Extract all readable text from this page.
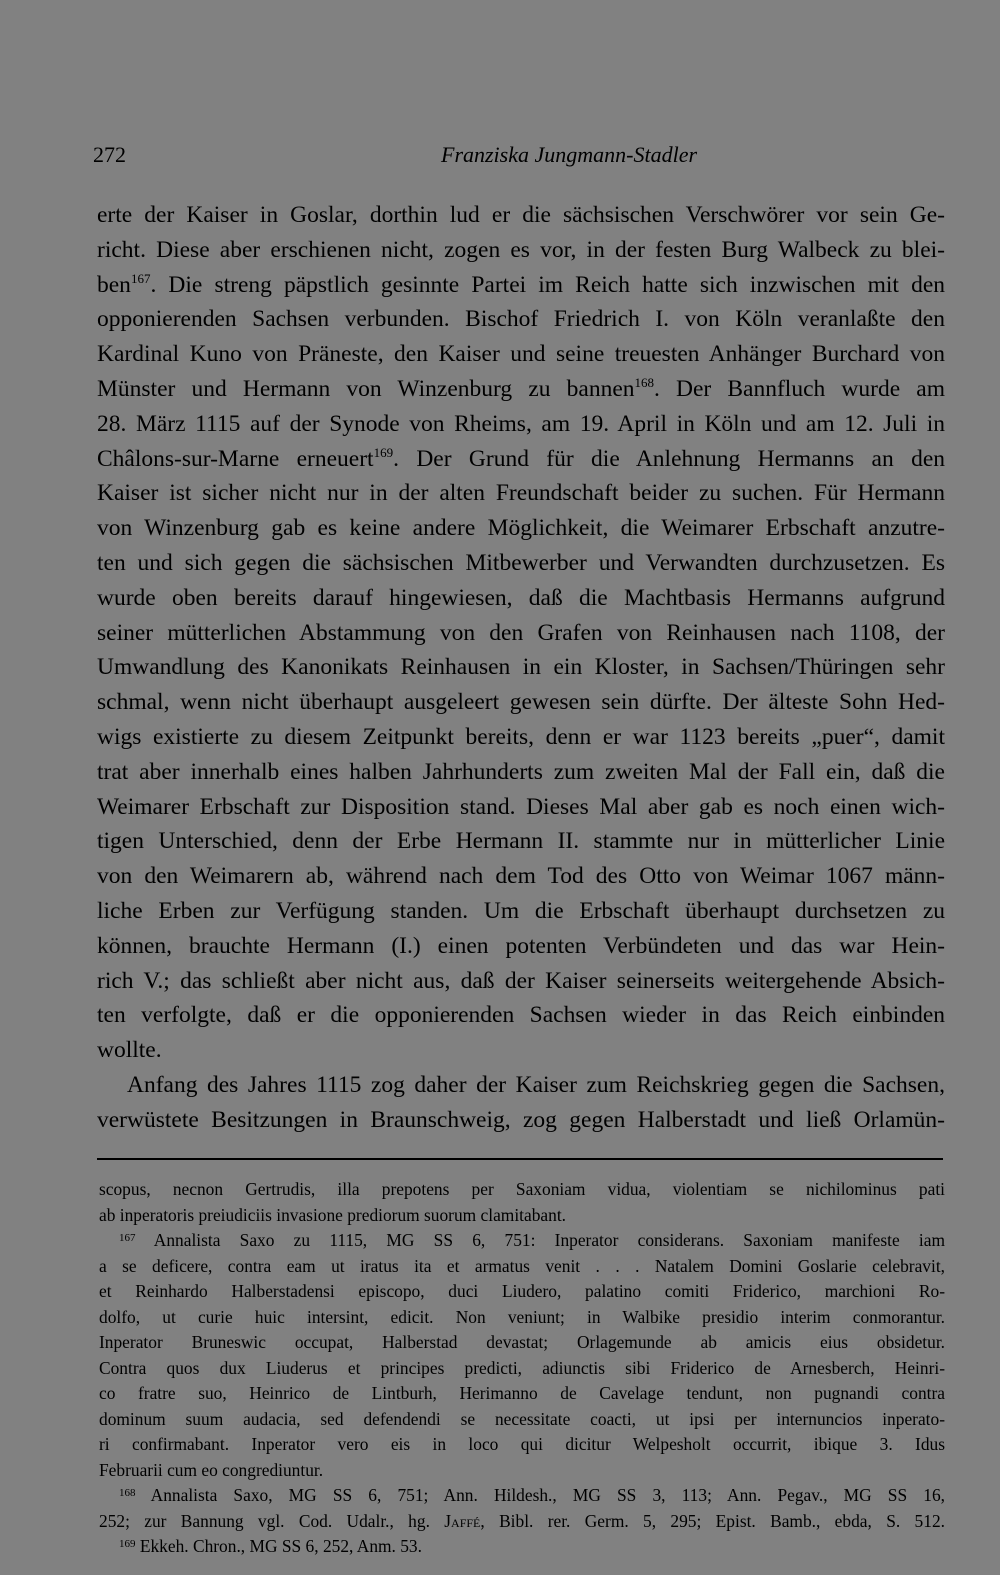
272	Franziska Jungmann-Stadler
erte der Kaiser in Goslar, dorthin lud er die sächsischen Verschwörer vor sein Ge-
richt. Diese aber erschienen nicht, zogen es vor, in der festen Burg Walbeck zu blei-
ben$^{167}$. Die streng päpstlich gesinnte Partei im Reich hatte sich inzwischen mit den
opponierenden Sachsen verbunden. Bischof Friedrich I. von Köln veranlaßte den
Kardinal Kuno von Präneste, den Kaiser und seine treuesten Anhänger Burchard von
Münster und Hermann von Winzenburg zu bannen$^{168}$. Der Bannfluch wurde am
28. März 1115 auf der Synode von Rheims, am 19. April in Köln und am 12. Juli in
Châlons-sur-Marne erneuert$^{169}$. Der Grund für die Anlehnung Hermanns an den
Kaiser ist sicher nicht nur in der alten Freundschaft beider zu suchen. Für Hermann
von Winzenburg gab es keine andere Möglichkeit, die Weimarer Erbschaft anzutre-
ten und sich gegen die sächsischen Mitbewerber und Verwandten durchzusetzen. Es
wurde oben bereits darauf hingewiesen, daß die Machtbasis Hermanns aufgrund
seiner mütterlichen Abstammung von den Grafen von Reinhausen nach 1108, der
Umwandlung des Kanonikats Reinhausen in ein Kloster, in Sachsen/Thüringen sehr
schmal, wenn nicht überhaupt ausgeleert gewesen sein dürfte. Der älteste Sohn Hed-
wigs existierte zu diesem Zeitpunkt bereits, denn er war 1123 bereits „puer“, damit
trat aber innerhalb eines halben Jahrhunderts zum zweiten Mal der Fall ein, daß die
Weimarer Erbschaft zur Disposition stand. Dieses Mal aber gab es noch einen wich-
tigen Unterschied, denn der Erbe Hermann II. stammte nur in mütterlicher Linie
von den Weimarern ab, während nach dem Tod des Otto von Weimar 1067 männ-
liche Erben zur Verfügung standen. Um die Erbschaft überhaupt durchsetzen zu
können, brauchte Hermann (I.) einen potenten Verbündeten und das war Hein-
rich V.; das schließt aber nicht aus, daß der Kaiser seinerseits weitergehende Absich-
ten verfolgte, daß er die opponierenden Sachsen wieder in das Reich einbinden
wollte.
Anfang des Jahres 1115 zog daher der Kaiser zum Reichskrieg gegen die Sachsen,
verwüstete Besitzungen in Braunschweig, zog gegen Halberstadt und ließ Orlamün-
scopus, necnon Gertrudis, illa prepotens per Saxoniam vidua, violentiam se nichilominus pati
ab inperatoris preiudiciis invasione prediorum suorum clamitabant.
$^{167}$ Annalista Saxo zu 1115, MG SS 6, 751: Inperator considerans. Saxoniam manifeste iam
a se deficere, contra eam ut iratus ita et armatus venit . . . Natalem Domini Goslarie celebravit,
et Reinhardo Halberstadensi episcopo, duci Liudero, palatino comiti Friderico, marchioni Ro-
dolfo, ut curie huic intersint, edicit. Non veniunt; in Walbike presidio interim conmorantur.
Inperator Bruneswic occupat, Halberstad devastat; Orlagemunde ab amicis eius obsidetur.
Contra quos dux Liuderus et principes predicti, adiunctis sibi Friderico de Arnesberch, Heinri-
co fratre suo, Heinrico de Lintburh, Herimanno de Cavelage tendunt, non pugnandi contra
dominum suum audacia, sed defendendi se necessitate coacti, ut ipsi per internuncios inperato-
ri confirmabant. Inperator vero eis in loco qui dicitur Welpesholt occurrit, ibique 3. Idus
Februarii cum eo congrediuntur.
$^{168}$ Annalista Saxo, MG SS 6, 751; Ann. Hildesh., MG SS 3, 113; Ann. Pegav., MG SS 16,
252; zur Bannung vgl. Cod. Udalr., hg. Jaffé, Bibl. rer. Germ. 5, 295; Epist. Bamb., ebda, S. 512.
$^{169}$ Ekkeh. Chron., MG SS 6, 252, Anm. 53.
